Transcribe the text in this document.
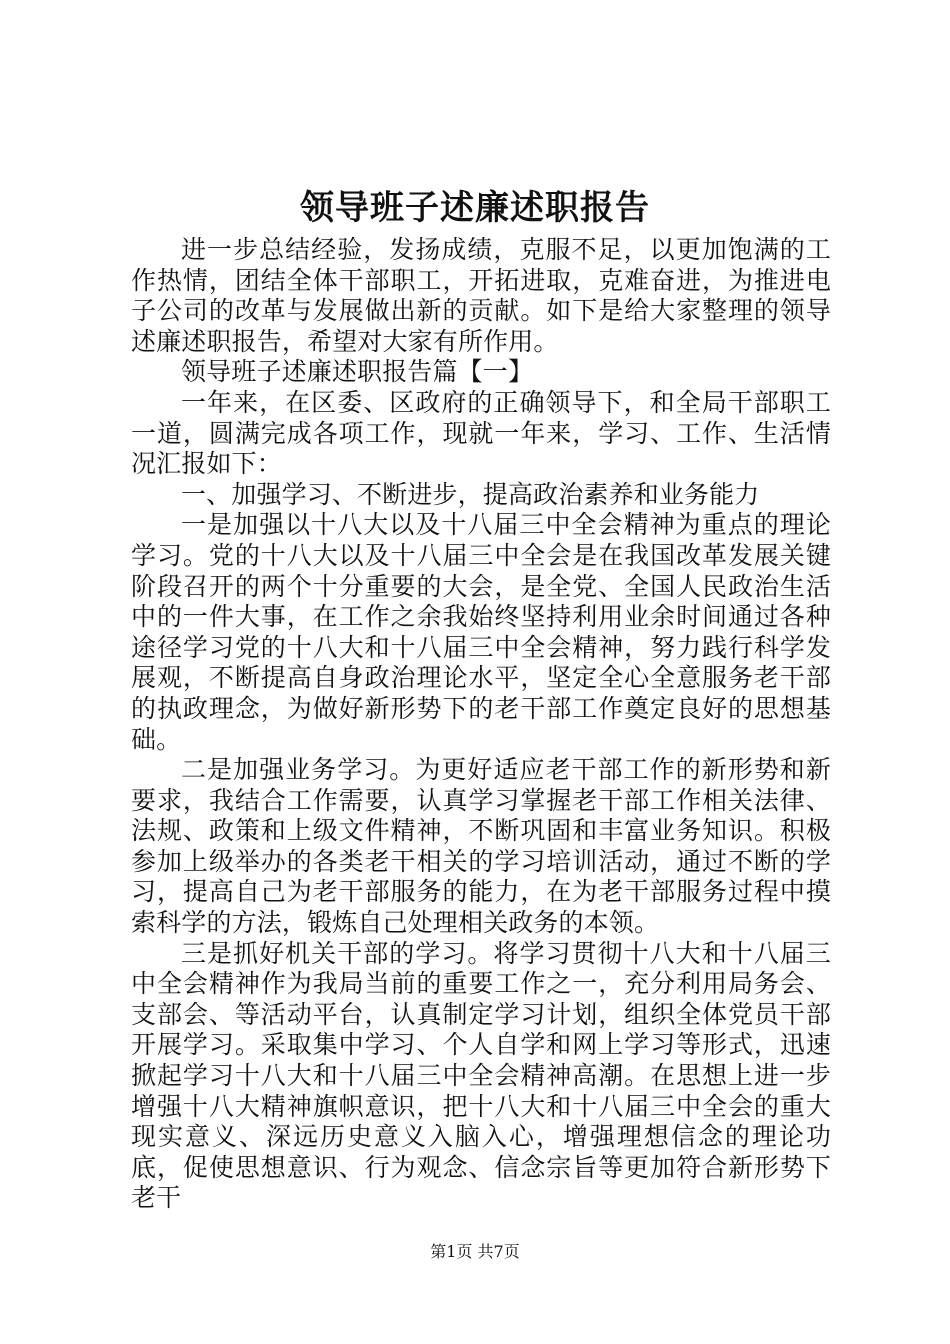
领导班子述廉述职报告

进一步总结经验，发扬成绩，克服不足，以更加饱满的工作热情，团结全体干部职工，开拓进取，克难奋进，为推进电子公司的改革与发展做出新的贡献。如下是给大家整理的领导述廉述职报告，希望对大家有所作用。

领导班子述廉述职报告篇【一】

一年来，在区委、区政府的正确领导下，和全局干部职工一道，圆满完成各项工作，现就一年来，学习、工作、生活情况汇报如下：

一、加强学习、不断进步，提高政治素养和业务能力

一是加强以十八大以及十八届三中全会精神为重点的理论学习。党的十八大以及十八届三中全会是在我国改革发展关键阶段召开的两个十分重要的大会，是全党、全国人民政治生活中的一件大事，在工作之余我始终坚持利用业余时间通过各种途径学习党的十八大和十八届三中全会精神，努力践行科学发展观，不断提高自身政治理论水平，坚定全心全意服务老干部的执政理念，为做好新形势下的老干部工作奠定良好的思想基础。

二是加强业务学习。为更好适应老干部工作的新形势和新要求，我结合工作需要，认真学习掌握老干部工作相关法律、法规、政策和上级文件精神，不断巩固和丰富业务知识。积极参加上级举办的各类老干相关的学习培训活动，通过不断的学习，提高自己为老干部服务的能力，在为老干部服务过程中摸索科学的方法，锻炼自己处理相关政务的本领。

三是抓好机关干部的学习。将学习贯彻十八大和十八届三中全会精神作为我局当前的重要工作之一，充分利用局务会、支部会、等活动平台，认真制定学习计划，组织全体党员干部开展学习。采取集中学习、个人自学和网上学习等形式，迅速掀起学习十八大和十八届三中全会精神高潮。在思想上进一步增强十八大精神旗帜意识，把十八大和十八届三中全会的重大现实意义、深远历史意义入脑入心，增强理想信念的理论功底，促使思想意识、行为观念、信念宗旨等更加符合新形势下老干

第1页 共7页
